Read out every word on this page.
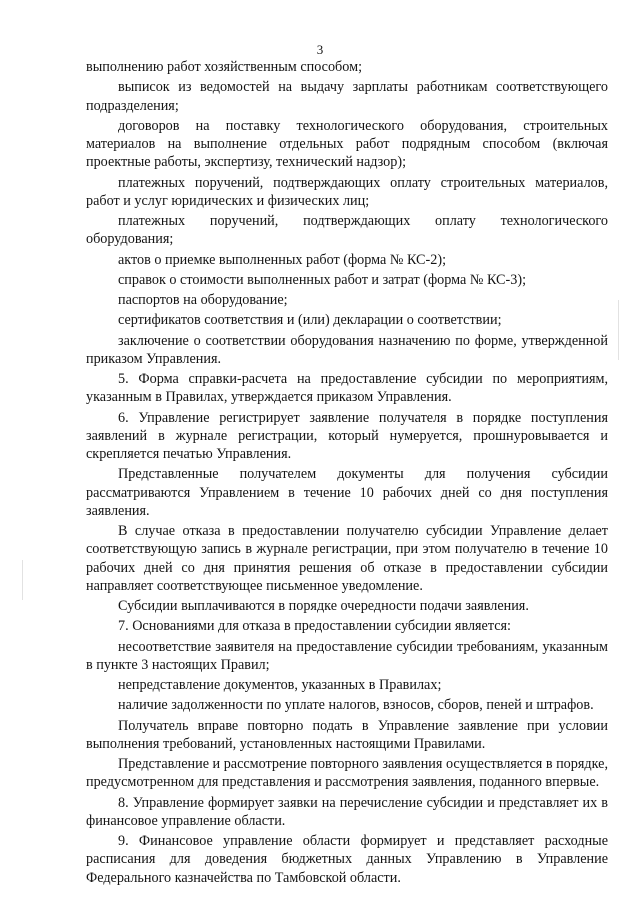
3

выполнению работ хозяйственным способом;

выписок из ведомостей на выдачу зарплаты работникам соответствующего подразделения;

договоров на поставку технологического оборудования, строительных материалов на выполнение отдельных работ подрядным способом (включая проектные работы, экспертизу, технический надзор);

платежных поручений, подтверждающих оплату строительных материалов, работ и услуг юридических и физических лиц;

платежных поручений, подтверждающих оплату технологического оборудования;

актов о приемке выполненных работ (форма № КС-2);

справок о стоимости выполненных работ и затрат (форма № КС-3);

паспортов на оборудование;

сертификатов соответствия и (или) декларации о соответствии;

заключение о соответствии оборудования назначению по форме, утвержденной приказом Управления.

5. Форма справки-расчета на предоставление субсидии по мероприятиям, указанным в Правилах, утверждается приказом Управления.

6. Управление регистрирует заявление получателя в порядке поступления заявлений в журнале регистрации, который нумеруется, прошнуровывается и скрепляется печатью Управления.

Представленные получателем документы для получения субсидии рассматриваются Управлением в течение 10 рабочих дней со дня поступления заявления.

В случае отказа в предоставлении получателю субсидии Управление делает соответствующую запись в журнале регистрации, при этом получателю в течение 10 рабочих дней со дня принятия решения об отказе в предоставлении субсидии направляет соответствующее письменное уведомление.

Субсидии выплачиваются в порядке очередности подачи заявления.

7. Основаниями для отказа в предоставлении субсидии является:

несоответствие заявителя на предоставление субсидии требованиям, указанным в пункте 3 настоящих Правил;

непредставление документов, указанных в Правилах;

наличие задолженности по уплате налогов, взносов, сборов, пеней и штрафов.

Получатель вправе повторно подать в Управление заявление при условии выполнения требований, установленных настоящими Правилами.

Представление и рассмотрение повторного заявления осуществляется в порядке, предусмотренном для представления и рассмотрения заявления, поданного впервые.

8. Управление формирует заявки на перечисление субсидии и представляет их в финансовое управление области.

9. Финансовое управление области формирует и представляет расходные расписания для доведения бюджетных данных Управлению в Управление Федерального казначейства по Тамбовской области.
